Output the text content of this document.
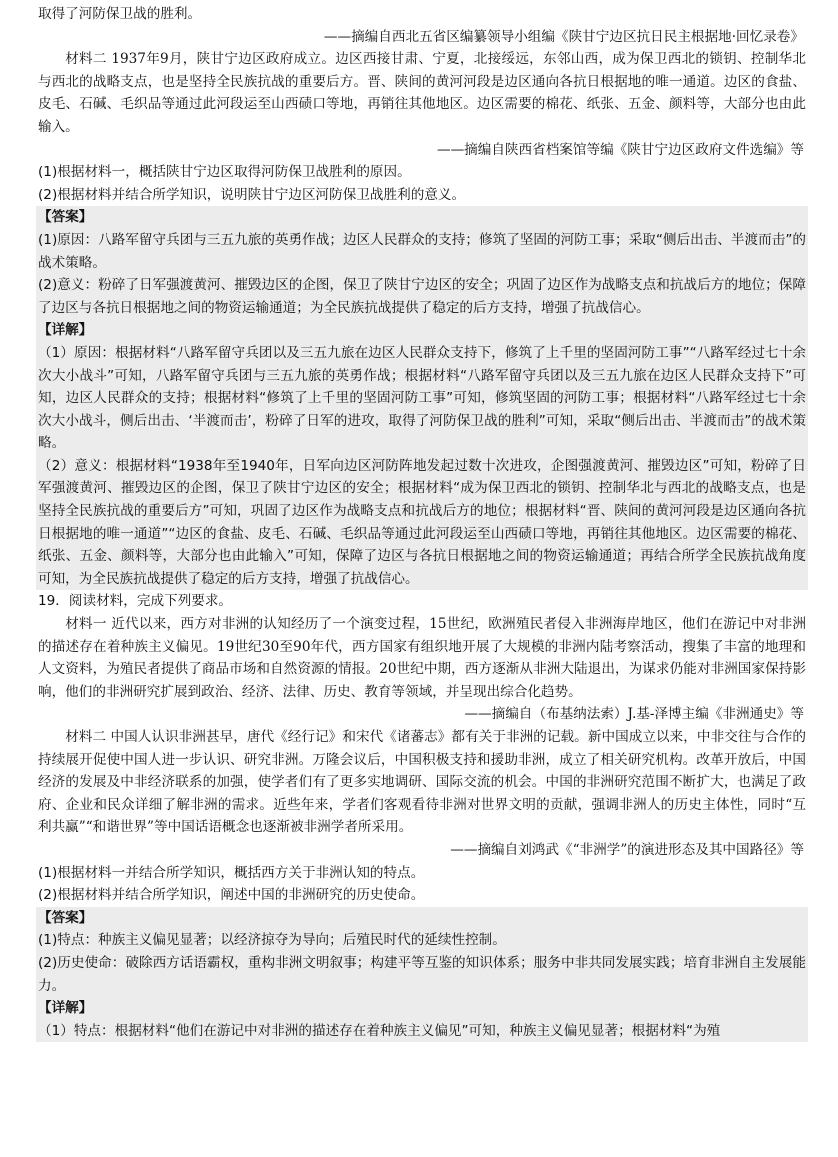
取得了河防保卫战的胜利。

——摘编自西北五省区编纂领导小组编《陕甘宁边区抗日民主根据地·回忆录卷》

材料二 1937年9月，陕甘宁边区政府成立。边区西接甘肃、宁夏，北接绥远，东邻山西，成为保卫西北的锁钥、控制华北与西北的战略支点，也是坚持全民族抗战的重要后方。晋、陕间的黄河河段是边区通向各抗日根据地的唯一通道。边区的食盐、皮毛、石碱、毛织品等通过此河段运至山西碛口等地，再销往其他地区。边区需要的棉花、纸张、五金、颜料等，大部分也由此输入。

——摘编自陕西省档案馆等编《陕甘宁边区政府文件选编》等

(1)根据材料一，概括陕甘宁边区取得河防保卫战胜利的原因。

(2)根据材料并结合所学知识，说明陕甘宁边区河防保卫战胜利的意义。

【答案】

(1)原因：八路军留守兵团与三五九旅的英勇作战；边区人民群众的支持；修筑了坚固的河防工事；采取“侧后出击、半渡而击”的战术策略。

(2)意义：粉碎了日军强渡黄河、摧毁边区的企图，保卫了陕甘宁边区的安全；巩固了边区作为战略支点和抗战后方的地位；保障了边区与各抗日根据地之间的物资运输通道；为全民族抗战提供了稳定的后方支持，增强了抗战信心。

【详解】

（1）原因：根据材料“八路军留守兵团以及三五九旅在边区人民群众支持下，修筑了上千里的坚固河防工事”“八路军经过七十余次大小战斗”可知，八路军留守兵团与三五九旅的英勇作战；根据材料“八路军留守兵团以及三五九旅在边区人民群众支持下”可知，边区人民群众的支持；根据材料“修筑了上千里的坚固河防工事”可知，修筑坚固的河防工事；根据材料“八路军经过七十余次大小战斗，侧后出击、‘半渡而击’，粉碎了日军的进攻，取得了河防保卫战的胜利”可知，采取“侧后出击、半渡而击”的战术策略。

（2）意义：根据材料“1938年至1940年，日军向边区河防阵地发起过数十次进攻，企图强渡黄河、摧毁边区”可知，粉碎了日军强渡黄河、摧毁边区的企图，保卫了陕甘宁边区的安全；根据材料“成为保卫西北的锁钥、控制华北与西北的战略支点，也是坚持全民族抗战的重要后方”可知，巩固了边区作为战略支点和抗战后方的地位；根据材料“晋、陕间的黄河河段是边区通向各抗日根据地的唯一通道”“边区的食盐、皮毛、石碱、毛织品等通过此河段运至山西碛口等地，再销往其他地区。边区需要的棉花、纸张、五金、颜料等，大部分也由此输入”可知，保障了边区与各抗日根据地之间的物资运输通道；再结合所学全民族抗战角度可知，为全民族抗战提供了稳定的后方支持，增强了抗战信心。

19．阅读材料，完成下列要求。

材料一 近代以来，西方对非洲的认知经历了一个演变过程，15世纪，欧洲殖民者侵入非洲海岸地区，他们在游记中对非洲的描述存在着种族主义偏见。19世纪30至90年代，西方国家有组织地开展了大规模的非洲内陆考察活动，搜集了丰富的地理和人文资料，为殖民者提供了商品市场和自然资源的情报。20世纪中期，西方逐渐从非洲大陆退出，为谋求仍能对非洲国家保持影响，他们的非洲研究扩展到政治、经济、法律、历史、教育等领域，并呈现出综合化趋势。

——摘编自（布基纳法索）J.基-泽博主编《非洲通史》等

材料二 中国人认识非洲甚早，唐代《经行记》和宋代《诸蕃志》都有关于非洲的记载。新中国成立以来，中非交往与合作的持续展开促使中国人进一步认识、研究非洲。万隆会议后，中国积极支持和援助非洲，成立了相关研究机构。改革开放后，中国经济的发展及中非经济联系的加强，使学者们有了更多实地调研、国际交流的机会。中国的非洲研究范围不断扩大，也满足了政府、企业和民众详细了解非洲的需求。近些年来，学者们客观看待非洲对世界文明的贡献，强调非洲人的历史主体性，同时“互利共赢”“和谐世界”等中国话语概念也逐渐被非洲学者所采用。

——摘编自刘鸿武《“非洲学”的演进形态及其中国路径》等

(1)根据材料一并结合所学知识，概括西方关于非洲认知的特点。

(2)根据材料并结合所学知识，阐述中国的非洲研究的历史使命。

【答案】

(1)特点：种族主义偏见显著；以经济掠夺为导向；后殖民时代的延续性控制。

(2)历史使命：破除西方话语霸权，重构非洲文明叙事；构建平等互鉴的知识体系；服务中非共同发展实践；培育非洲自主发展能力。

【详解】

（1）特点：根据材料“他们在游记中对非洲的描述存在着种族主义偏见”可知，种族主义偏见显著；根据材料“为殖
